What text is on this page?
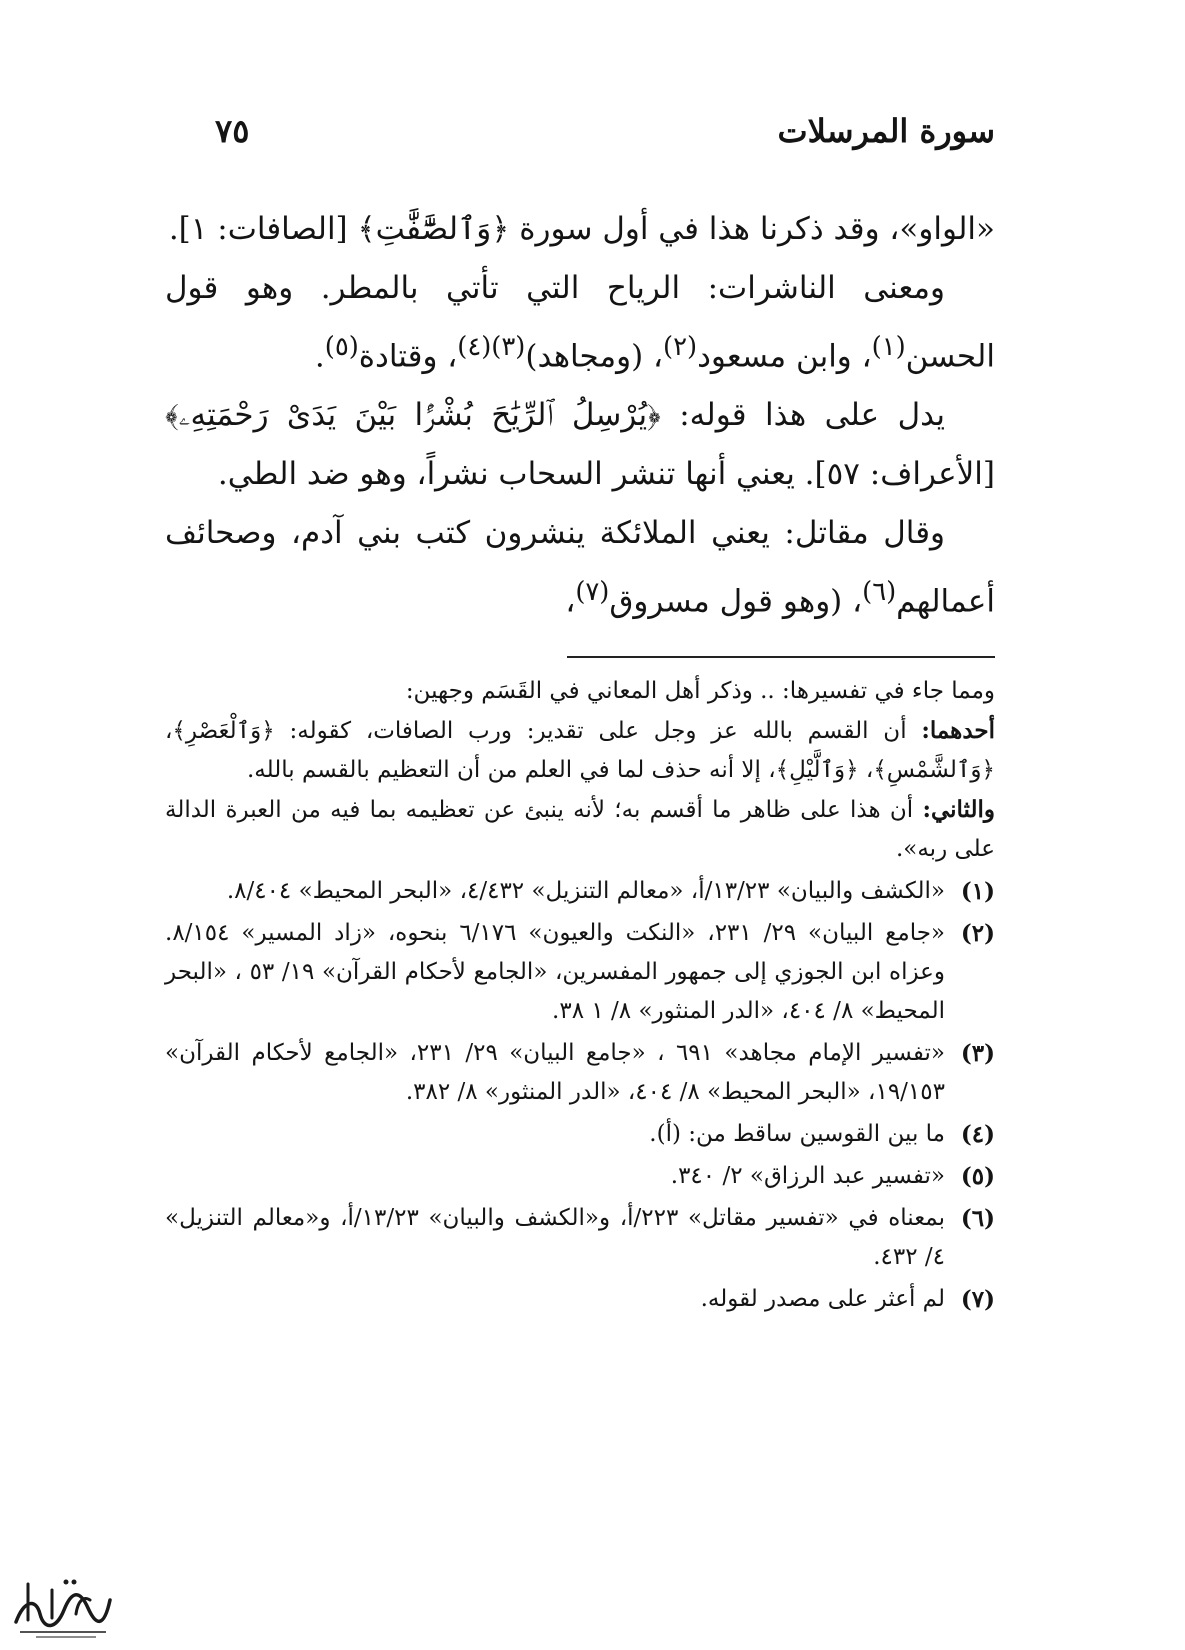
سورة المرسلات
٧٥

«الواو»، وقد ذكرنا هذا في أول سورة ﴿وَٱلصَّٰٓفَّٰتِ﴾ [الصافات: ١].

ومعنى الناشرات: الرياح التي تأتي بالمطر. وهو قول الحسن$^{(١)}$، وابن مسعود$^{(٢)}$، (ومجاهد)$^{(٣)(٤)}$، وقتادة$^{(٥)}$.

يدل على هذا قوله: ﴿يُرْسِلُ ٱلرِّيَٰحَ بُشْرًۢا بَيْنَ يَدَىْ رَحْمَتِهِۦ﴾ [الأعراف: ٥٧]. يعني أنها تنشر السحاب نشراً، وهو ضد الطي.

وقال مقاتل: يعني الملائكة ينشرون كتب بني آدم، وصحائف أعمالهم$^{(٦)}$، (وهو قول مسروق$^{(٧)}$،

ومما جاء في تفسيرها: .. وذكر أهل المعاني في القَسَم وجهين:

أحدهما: أن القسم بالله عز وجل على تقدير: ورب الصافات، كقوله: ﴿وَٱلْعَصْرِ﴾، ﴿وَٱلشَّمْسِ﴾، ﴿وَٱلَّيْلِ﴾، إلا أنه حذف لما في العلم من أن التعظيم بالقسم بالله.

والثاني: أن هذا على ظاهر ما أقسم به؛ لأنه ينبئ عن تعظيمه بما فيه من العبرة الدالة على ربه».

(١)
«الكشف والبيان» ١٣/٢٣/أ، «معالم التنزيل» ٤/٤٣٢، «البحر المحيط» ٨/٤٠٤.
(٢)
«جامع البيان» ٢٩/ ٢٣١، «النكت والعيون» ٦/١٧٦ بنحوه، «زاد المسير» ٨/١٥٤. وعزاه ابن الجوزي إلى جمهور المفسرين، «الجامع لأحكام القرآن» ١٩/ ٥٣ ، «البحر المحيط» ٨/ ٤٠٤، «الدر المنثور» ٨/ ١ ٣٨.
(٣)
«تفسير الإمام مجاهد» ٦٩١ ، «جامع البيان» ٢٩/ ٢٣١، «الجامع لأحكام القرآن» ١٩/١٥٣، «البحر المحيط» ٨/ ٤٠٤، «الدر المنثور» ٨/ ٣٨٢.
(٤)
ما بين القوسين ساقط من: (أ).
(٥)
«تفسير عبد الرزاق» ٢/ ٣٤٠.
(٦)
بمعناه في «تفسير مقاتل» ٢٢٣/أ، و«الكشف والبيان» ١٣/٢٣/أ، و«معالم التنزيل» ٤/ ٤٣٢.
(٧)
لم أعثر على مصدر لقوله.
